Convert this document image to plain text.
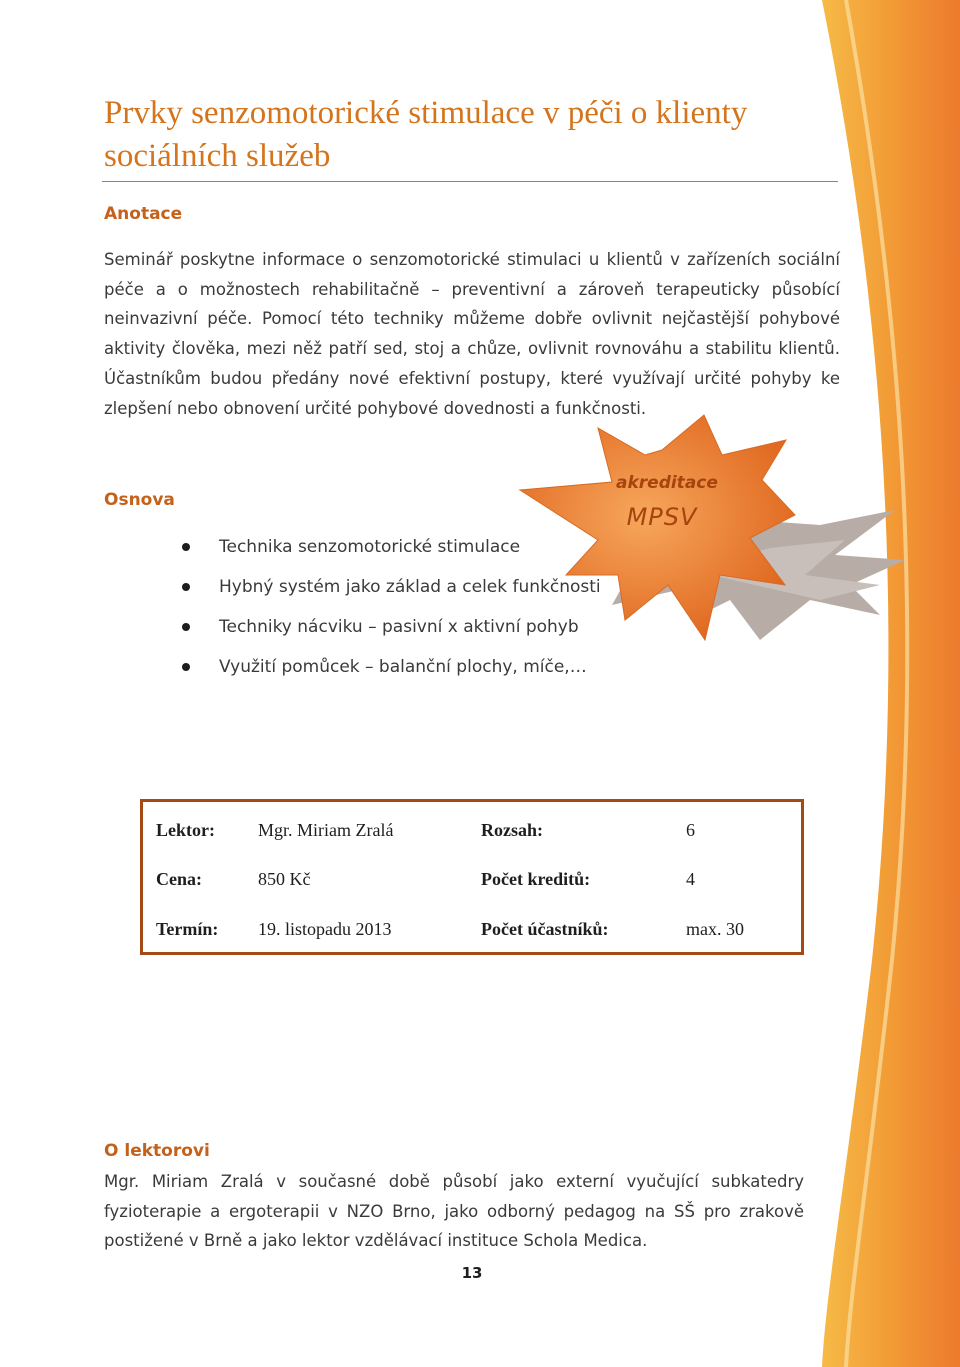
Prvky senzomotorické stimulace v péči o klienty sociálních služeb
Anotace

Seminář poskytne informace o senzomotorické stimulaci u klientů v zařízeních sociální péče a o možnostech rehabilitačně – preventivní a zároveň terapeuticky působící neinvazivní péče. Pomocí této techniky můžeme dobře ovlivnit nejčastější pohybové aktivity člověka, mezi něž patří sed, stoj a chůze, ovlivnit rovnováhu a stabilitu klientů. Účastníkům budou předány nové efektivní postupy, které využívají určité pohyby ke zlepšení nebo obnovení určité pohybové dovednosti a funkčnosti.

Osnova
Technika senzomotorické stimulace
Hybný systém jako základ a celek funkčnosti
Techniky nácviku – pasivní x aktivní pohyb
Využití pomůcek – balanční plochy, míče,…
akreditace
MPSV
Lektor: Mgr. Miriam Zralá	Rozsah:	6
Cena:	850 Kč	Počet kreditů:	4
Termín: 19. listopadu 2013	Počet účastníků:	max. 30
O lektorovi

Mgr. Miriam Zralá v současné době působí jako externí vyučující subkatedry fyzioterapie a ergoterapii v NZO Brno, jako odborný pedagog na SŠ pro zrakově postižené v Brně a jako lektor vzdělávací instituce Schola Medica.

13
